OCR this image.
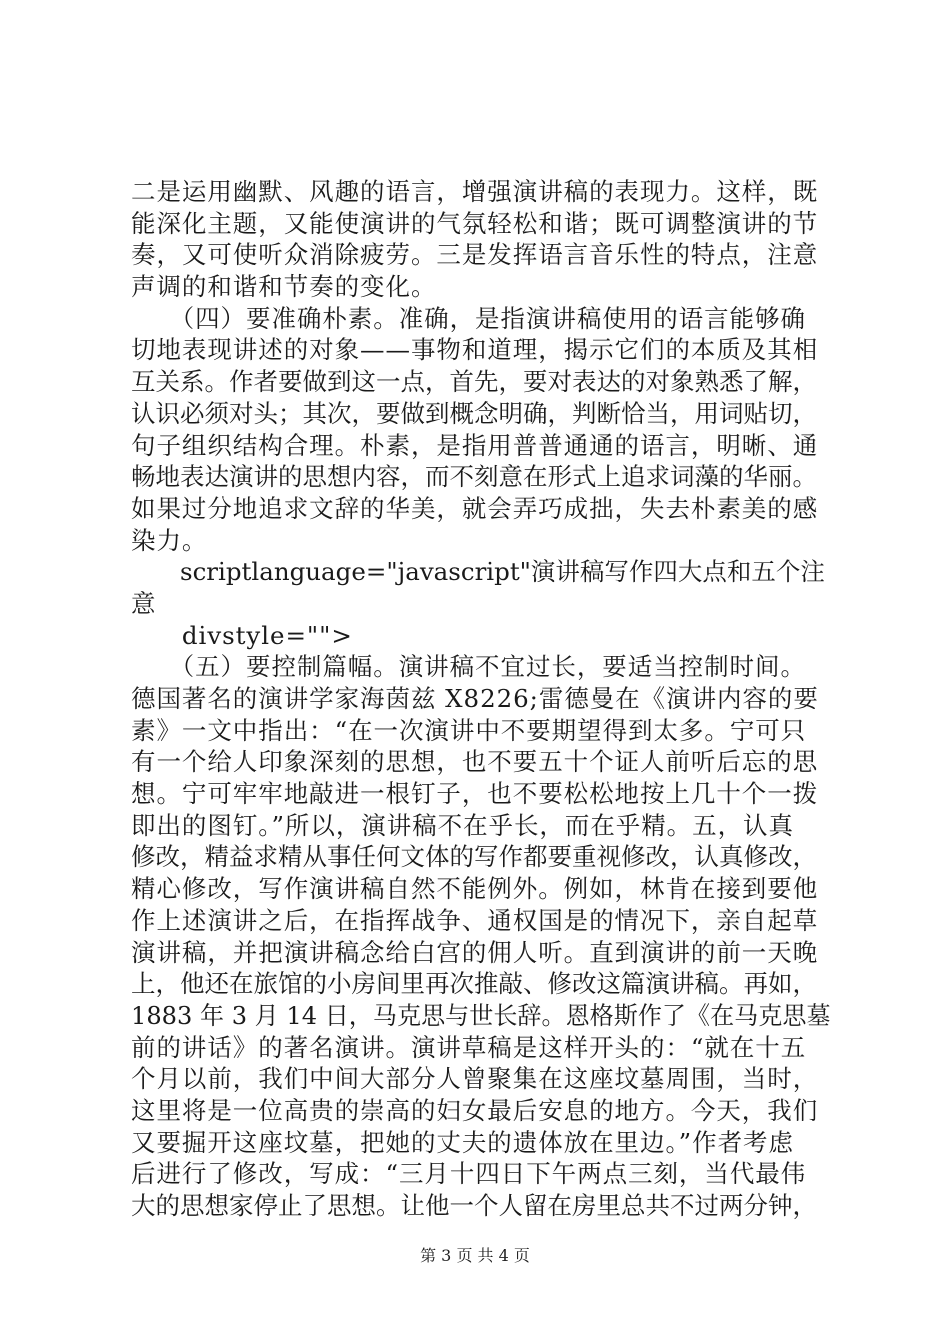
二是运用幽默、风趣的语言，增强演讲稿的表现力。这样，既
能深化主题，又能使演讲的气氛轻松和谐；既可调整演讲的节
奏，又可使听众消除疲劳。三是发挥语言音乐性的特点，注意
声调的和谐和节奏的变化。
　　（四）要准确朴素。准确，是指演讲稿使用的语言能够确
切地表现讲述的对象——事物和道理，揭示它们的本质及其相
互关系。作者要做到这一点，首先，要对表达的对象熟悉了解，
认识必须对头；其次，要做到概念明确，判断恰当，用词贴切，
句子组织结构合理。朴素，是指用普普通通的语言，明晰、通
畅地表达演讲的思想内容，而不刻意在形式上追求词藻的华丽。
如果过分地追求文辞的华美，就会弄巧成拙，失去朴素美的感
染力。
　　scriptlanguage="javascript"演讲稿写作四大点和五个注
意
　　divstyle="">
　　（五）要控制篇幅。演讲稿不宜过长，要适当控制时间。
德国著名的演讲学家海茵兹 X8226;雷德曼在《演讲内容的要
素》一文中指出：“在一次演讲中不要期望得到太多。宁可只
有一个给人印象深刻的思想，也不要五十个证人前听后忘的思
想。宁可牢牢地敲进一根钉子，也不要松松地按上几十个一拨
即出的图钉。”所以，演讲稿不在乎长，而在乎精。五，认真
修改，精益求精从事任何文体的写作都要重视修改，认真修改，
精心修改，写作演讲稿自然不能例外。例如，林肯在接到要他
作上述演讲之后，在指挥战争、通权国是的情况下，亲自起草
演讲稿，并把演讲稿念给白宫的佣人听。直到演讲的前一天晚
上，他还在旅馆的小房间里再次推敲、修改这篇演讲稿。再如，
1883 年 3 月 14 日，马克思与世长辞。恩格斯作了《在马克思墓
前的讲话》的著名演讲。演讲草稿是这样开头的：“就在十五
个月以前，我们中间大部分人曾聚集在这座坟墓周围，当时，
这里将是一位高贵的崇高的妇女最后安息的地方。今天，我们
又要掘开这座坟墓，把她的丈夫的遗体放在里边。”作者考虑
后进行了修改，写成：“三月十四日下午两点三刻，当代最伟
大的思想家停止了思想。让他一个人留在房里总共不过两分钟，
第 3 页 共 4 页
